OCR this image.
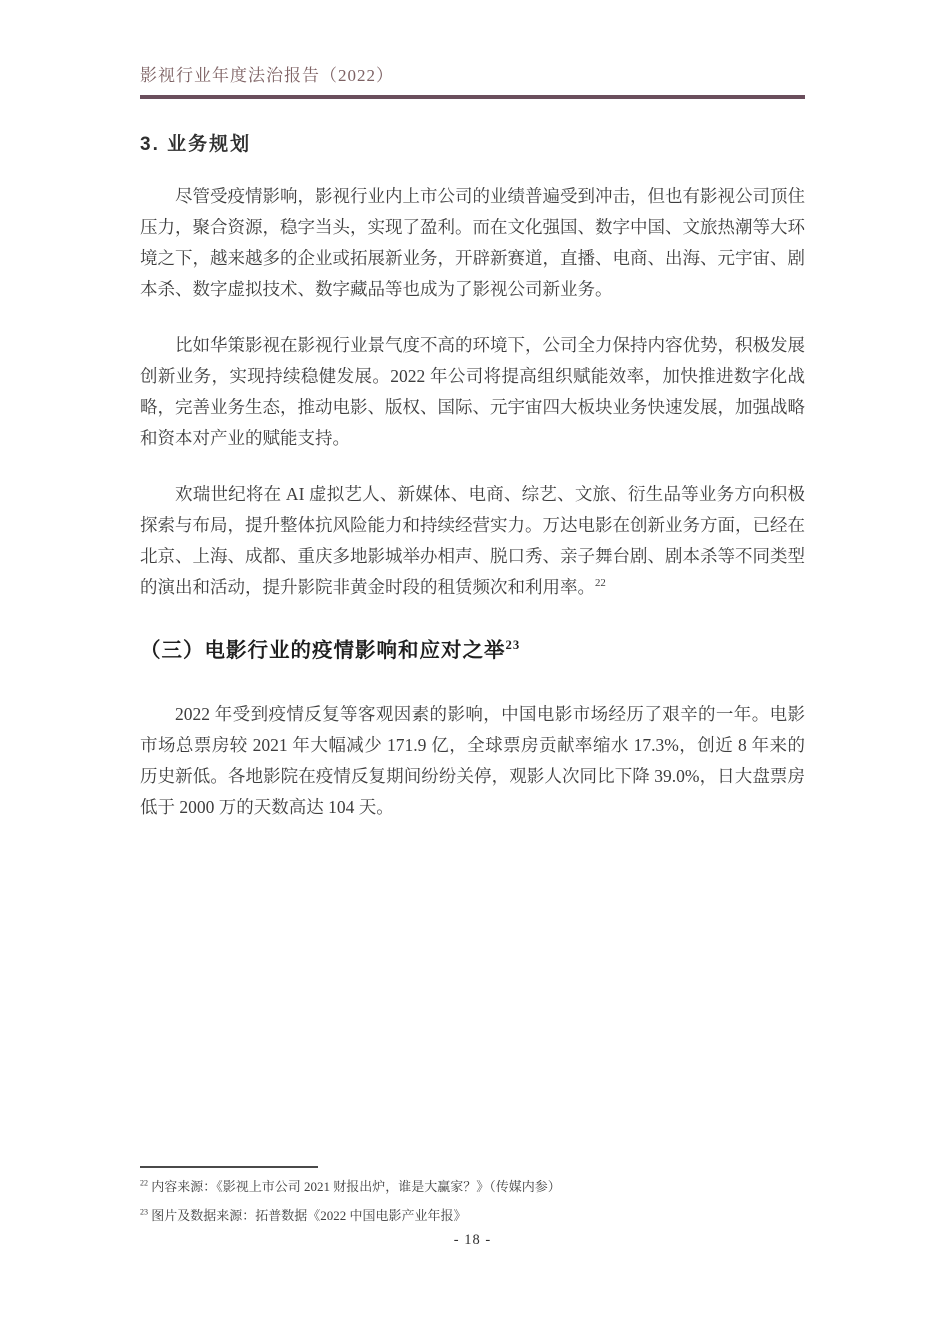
影视行业年度法治报告（2022）
3. 业务规划

尽管受疫情影响，影视行业内上市公司的业绩普遍受到冲击，但也有影视公司顶住压力，聚合资源，稳字当头，实现了盈利。而在文化强国、数字中国、文旅热潮等大环境之下，越来越多的企业或拓展新业务，开辟新赛道，直播、电商、出海、元宇宙、剧本杀、数字虚拟技术、数字藏品等也成为了影视公司新业务。

比如华策影视在影视行业景气度不高的环境下，公司全力保持内容优势，积极发展创新业务，实现持续稳健发展。2022 年公司将提高组织赋能效率，加快推进数字化战略，完善业务生态，推动电影、版权、国际、元宇宙四大板块业务快速发展，加强战略和资本对产业的赋能支持。

欢瑞世纪将在 AI 虚拟艺人、新媒体、电商、综艺、文旅、衍生品等业务方向积极探索与布局，提升整体抗风险能力和持续经营实力。万达电影在创新业务方面，已经在北京、上海、成都、重庆多地影城举办相声、脱口秀、亲子舞台剧、剧本杀等不同类型的演出和活动，提升影院非黄金时段的租赁频次和利用率。$^{22}$

（三）电影行业的疫情影响和应对之举$^{23}$

2022 年受到疫情反复等客观因素的影响，中国电影市场经历了艰辛的一年。电影市场总票房较 2021 年大幅减少 171.9 亿，全球票房贡献率缩水 17.3%，创近 8 年来的历史新低。各地影院在疫情反复期间纷纷关停，观影人次同比下降 39.0%，日大盘票房低于 2000 万的天数高达 104 天。

$^{22}$ 内容来源：《影视上市公司 2021 财报出炉，谁是大赢家？》（传媒内参）
$^{23}$ 图片及数据来源：拓普数据《2022 中国电影产业年报》
- 18 -
